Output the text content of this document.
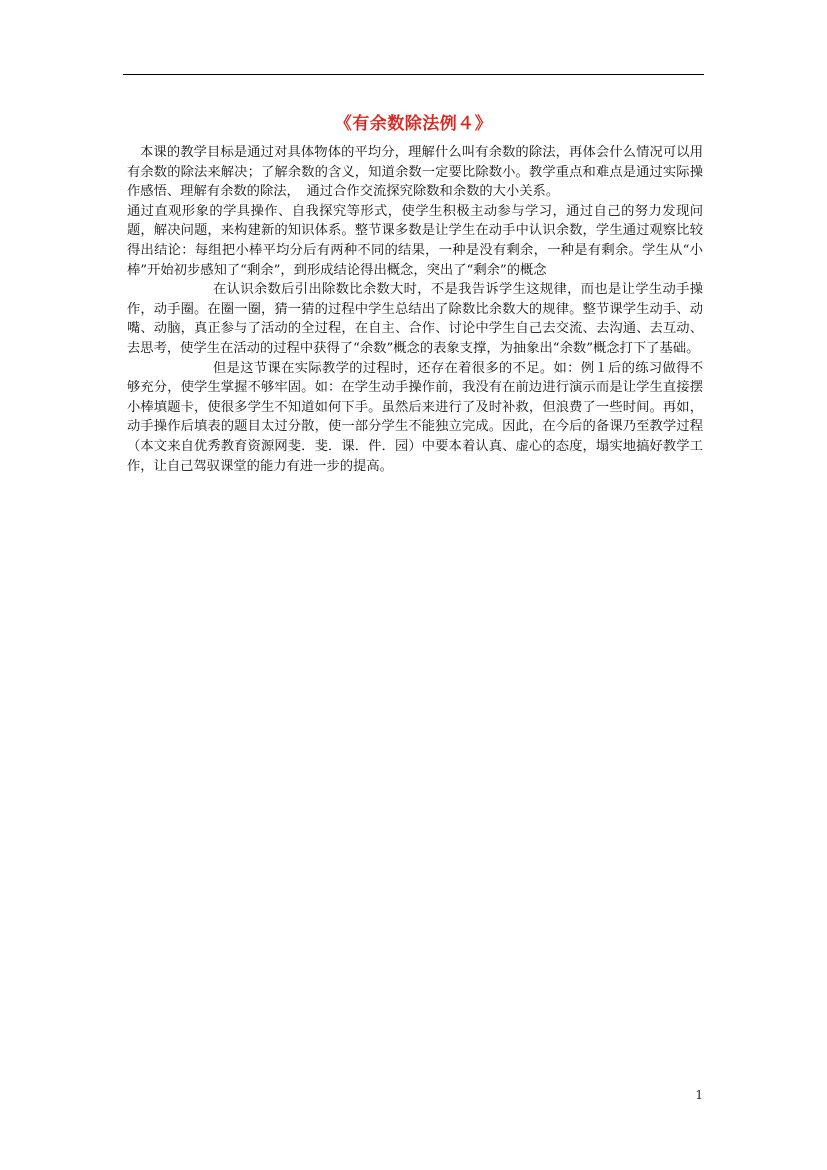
《有余数除法例４》

本课的教学目标是通过对具体物体的平均分，理解什么叫有余数的除法，再体会什么情况可以用有余数的除法来解决；了解余数的含义，知道余数一定要比除数小。教学重点和难点是通过实际操作感悟、理解有余数的除法，　通过合作交流探究除数和余数的大小关系。

通过直观形象的学具操作、自我探究等形式，使学生积极主动参与学习，通过自己的努力发现问题，解决问题，来构建新的知识体系。整节课多数是让学生在动手中认识余数，学生通过观察比较得出结论：每组把小棒平均分后有两种不同的结果，一种是没有剩余，一种是有剩余。学生从“小棒”开始初步感知了“剩余”，到形成结论得出概念，突出了“剩余”的概念

在认识余数后引出除数比余数大时，不是我告诉学生这规律，而也是让学生动手操作，动手圈。在圈一圈，猜一猜的过程中学生总结出了除数比余数大的规律。整节课学生动手、动嘴、动脑，真正参与了活动的全过程，在自主、合作、讨论中学生自己去交流、去沟通、去互动、去思考，使学生在活动的过程中获得了“余数”概念的表象支撑，为抽象出“余数”概念打下了基础。

但是这节课在实际教学的过程时，还存在着很多的不足。如：例１后的练习做得不够充分，使学生掌握不够牢固。如：在学生动手操作前，我没有在前边进行演示而是让学生直接摆小棒填题卡，使很多学生不知道如何下手。虽然后来进行了及时补救，但浪费了一些时间。再如，动手操作后填表的题目太过分散，使一部分学生不能独立完成。因此，在今后的备课乃至教学过程（本文来自优秀教育资源网斐．斐．课．件．园）中要本着认真、虚心的态度，塌实地搞好教学工作，让自己驾驭课堂的能力有进一步的提高。

1
